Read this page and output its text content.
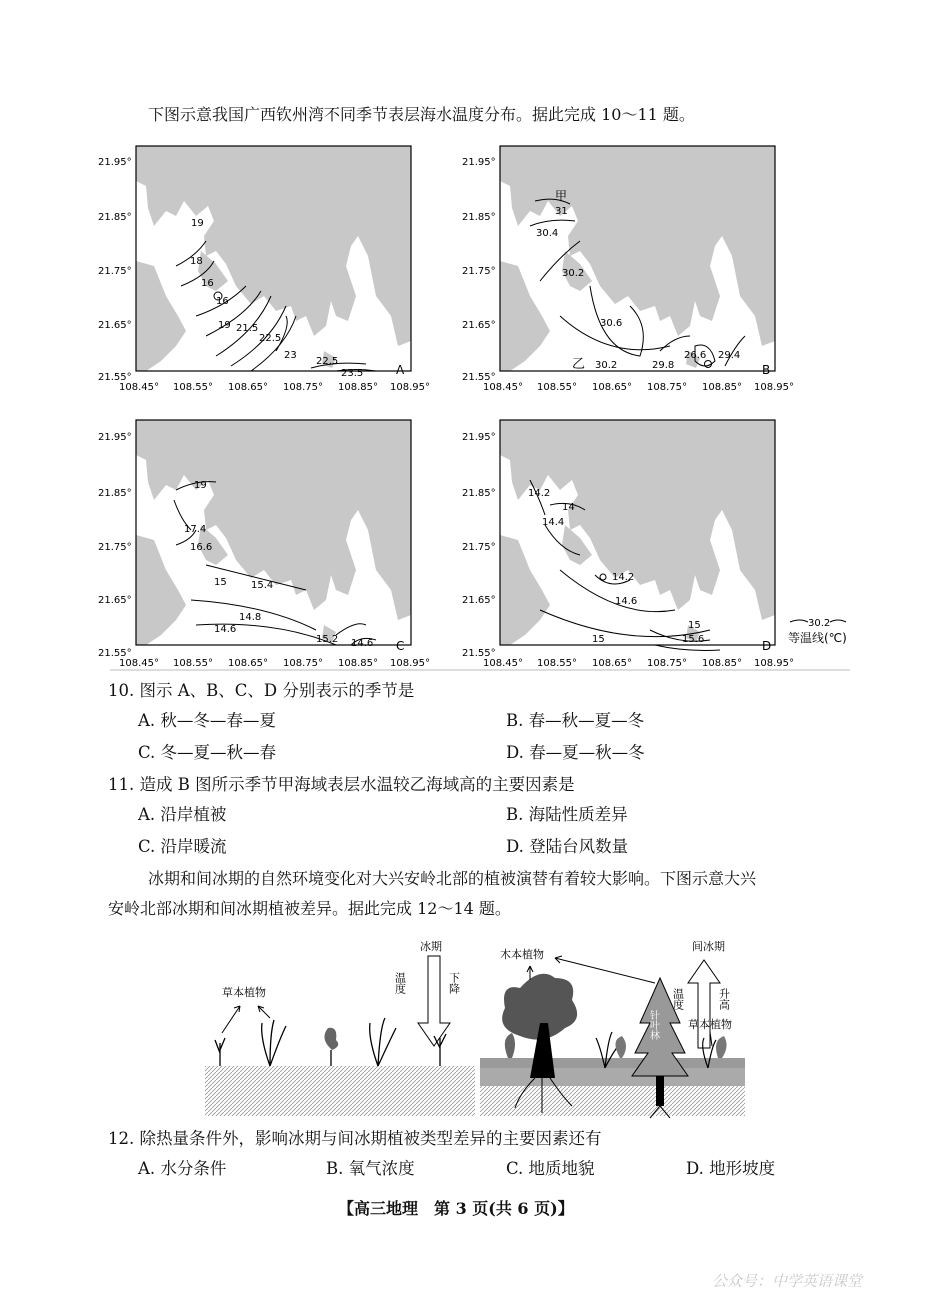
下图示意我国广西钦州湾不同季节表层海水温度分布。据此完成 10～11 题。
19
18
16
16
19 21.5
22.5
23
22.5
23.5	A
甲
31
30.4
30.2
30.6
30.2	29.8
26.6 29.4
乙	B
19
17.4
16.6
15 15.4
14.8
14.6
15.2 14.6 C
14.2
14
14.4
14.2
14.6
15
15
15.6	D
21.95°
21.85°
21.75°
21.65°
21.55°
21.95°
21.85°
21.75°
21.65°
21.55°
21.95°
21.85°
21.75°
21.65°
21.55°
21.95°
21.85°
21.75°
21.65°
21.55°
108.45° 108.55° 108.65° 108.75° 108.85° 108.95°	108.45° 108.55° 108.65° 108.75° 108.85° 108.95°
108.45° 108.55° 108.65° 108.75° 108.85° 108.95°	108.45° 108.55° 108.65° 108.75° 108.85° 108.95°
30.2
等温线(℃)
10. 图示 A、B、C、D 分别表示的季节是
A. 秋—冬—春—夏	B. 春—秋—夏—冬
C. 冬—夏—秋—春	D. 春—夏—秋—冬
11. 造成 B 图所示季节甲海域表层水温较乙海域高的主要因素是
A. 沿岸植被	B. 海陆性质差异
C. 沿岸暖流	D. 登陆台风数量
冰期和间冰期的自然环境变化对大兴安岭北部的植被演替有着较大影响。下图示意大兴
安岭北部冰期和间冰期植被差异。据此完成 12～14 题。
草本植物
冰期
温度	下降
针叶林
木本植物
间冰期
温度	升高
草本植物
12. 除热量条件外，影响冰期与间冰期植被类型差异的主要因素还有
A. 水分条件	B. 氧气浓度	C. 地质地貌	D. 地形坡度
【高三地理　第 3 页(共 6 页)】
公众号：中学英语课堂
